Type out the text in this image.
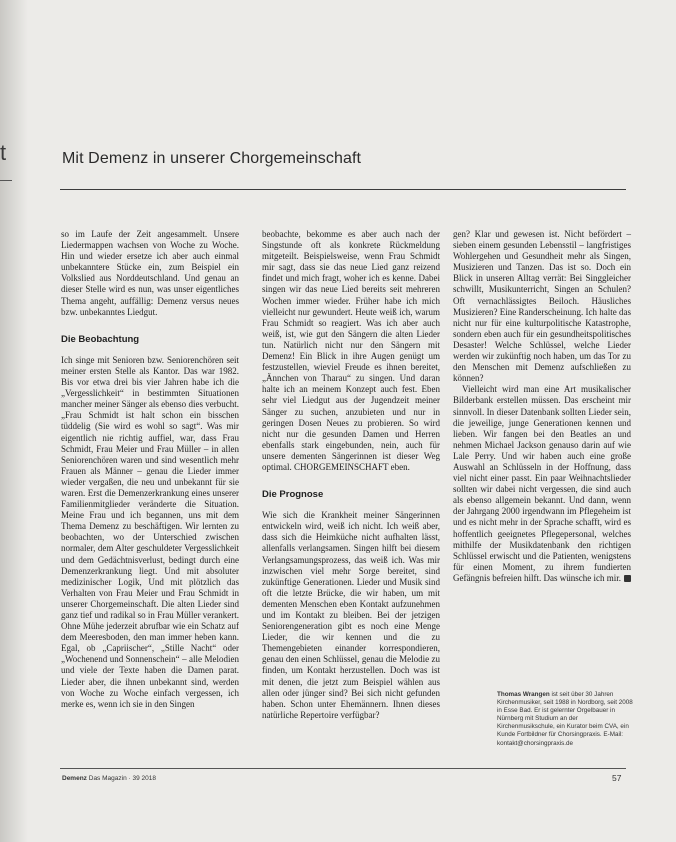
t	Mit Demenz in unserer Chorgemeinschaft

so im Laufe der Zeit angesammelt. Unsere Liedermappen wachsen von Woche zu Woche. Hin und wieder ersetze ich aber auch einmal unbekanntere Stücke ein, zum Beispiel ein Volkslied aus Norddeutschland. Und genau an dieser Stelle wird es nun, was unser eigentliches Thema angeht, auffällig: Demenz versus neues bzw. unbekanntes Liedgut.

Die Beobachtung

Ich singe mit Senioren bzw. Seniorenchören seit meiner ersten Stelle als Kantor. Das war 1982. Bis vor etwa drei bis vier Jahren habe ich die „Vergesslichkeit“ in bestimmten Situationen mancher meiner Sänger als ebenso dies verbucht. „Frau Schmidt ist halt schon ein bisschen tüddelig (Sie wird es wohl so sagt“. Was mir eigentlich nie richtig auffiel, war, dass Frau Schmidt, Frau Meier und Frau Müller – in allen Seniorenchören waren und sind wesentlich mehr Frauen als Männer – genau die Lieder immer wieder vergaßen, die neu und unbekannt für sie waren. Erst die Demenzerkrankung eines unserer Familienmitglieder veränderte die Situation. Meine Frau und ich begannen, uns mit dem Thema Demenz zu beschäftigen. Wir lernten zu beobachten, wo der Unterschied zwischen normaler, dem Alter geschuldeter Vergesslichkeit und dem Gedächtnisverlust, bedingt durch eine Demenzerkrankung liegt. Und mit absoluter medizinischer Logik, Und mit plötzlich das Verhalten von Frau Meier und Frau Schmidt in unserer Chorgemeinschaft. Die alten Lieder sind ganz tief und radikal so in Frau Müller verankert. Ohne Mühe jederzeit abrufbar wie ein Schatz auf dem Meeresboden, den man immer heben kann. Egal, ob „Capriischer“, „Stille Nacht“ oder „Wochenend und Sonnenschein“ – alle Melodien und viele der Texte haben die Damen parat. Lieder aber, die ihnen unbekannt sind, werden von Woche zu Woche einfach vergessen, ich merke es, wenn ich sie in den Singen

beobachte, bekomme es aber auch nach der Singstunde oft als konkrete Rückmeldung mitgeteilt. Beispielsweise, wenn Frau Schmidt mir sagt, dass sie das neue Lied ganz reizend findet und mich fragt, woher ich es kenne. Dabei singen wir das neue Lied bereits seit mehreren Wochen immer wieder. Früher habe ich mich vielleicht nur gewundert. Heute weiß ich, warum Frau Schmidt so reagiert. Was ich aber auch weiß, ist, wie gut den Sängern die alten Lieder tun. Natürlich nicht nur den Sängern mit Demenz! Ein Blick in ihre Augen genügt um festzustellen, wieviel Freude es ihnen bereitet, „Ännchen von Tharau“ zu singen. Und daran halte ich an meinem Konzept auch fest. Eben sehr viel Liedgut aus der Jugendzeit meiner Sänger zu suchen, anzubieten und nur in geringen Dosen Neues zu probieren. So wird nicht nur die gesunden Damen und Herren ebenfalls stark eingebunden, nein, auch für unsere dementen Sängerinnen ist dieser Weg optimal. CHORGEMEINSCHAFT eben.

Die Prognose

Wie sich die Krankheit meiner Sängerinnen entwickeln wird, weiß ich nicht. Ich weiß aber, dass sich die Heimküche nicht aufhalten lässt, allenfalls verlangsamen. Singen hilft bei diesem Verlangsamungsprozess, das weiß ich. Was mir inzwischen viel mehr Sorge bereitet, sind zukünftige Generationen. Lieder und Musik sind oft die letzte Brücke, die wir haben, um mit dementen Menschen eben Kontakt aufzunehmen und im Kontakt zu bleiben. Bei der jetzigen Seniorengeneration gibt es noch eine Menge Lieder, die wir kennen und die zu Themengebieten einander korrespondieren, genau den einen Schlüssel, genau die Melodie zu finden, um Kontakt herzustellen. Doch was ist mit denen, die jetzt zum Beispiel wählen aus allen oder jünger sind? Bei sich nicht gefunden haben. Schon unter Ehemännern. Ihnen dieses natürliche Repertoire verfügbar?

gen? Klar und gewesen ist. Nicht befördert – sieben einem gesunden Lebensstil – langfristiges Wohlergehen und Gesundheit mehr als Singen, Musizieren und Tanzen. Das ist so. Doch ein Blick in unseren Alltag verrät: Bei Singgleicher schwillt, Musikunterricht, Singen an Schulen? Oft vernachlässigtes Beiloch. Häusliches Musizieren? Eine Randerscheinung. Ich halte das nicht nur für eine kulturpolitische Katastrophe, sondern eben auch für ein gesundheitspolitisches Desaster! Welche Schlüssel, welche Lieder werden wir zukünftig noch haben, um das Tor zu den Menschen mit Demenz aufschließen zu können?

Vielleicht wird man eine Art musikalischer Bilderbank erstellen müssen. Das erscheint mir sinnvoll. In dieser Datenbank sollten Lieder sein, die jeweilige, junge Generationen kennen und lieben. Wir fangen bei den Beatles an und nehmen Michael Jackson genauso darin auf wie Lale Perry. Und wir haben auch eine große Auswahl an Schlüsseln in der Hoffnung, dass viel nicht einer passt. Ein paar Weihnachtslieder sollten wir dabei nicht vergessen, die sind auch als ebenso allgemein bekannt. Und dann, wenn der Jahrgang 2000 irgendwann im Pflegeheim ist und es nicht mehr in der Sprache schafft, wird es hoffentlich geeignetes Pflegepersonal, welches mithilfe der Musikdatenbank den richtigen Schlüssel erwischt und die Patienten, wenigstens für einen Moment, zu ihrem fundierten Gefängnis befreien hilft. Das wünsche ich mir.

Thomas Wrangen ist seit über 30 Jahren Kirchenmusiker, seit 1988 in Nordborg, seit 2008 in Esse Bad. Er ist gelernter Orgelbauer in Nürnberg mit Studium an der Kirchenmusikschule, ein Kurator beim CVA, ein Kunde Fortbildner für Chorsingpraxis. E-Mail: kontakt@chorsingpraxis.de
Demenz Das Magazin · 39 2018	57
